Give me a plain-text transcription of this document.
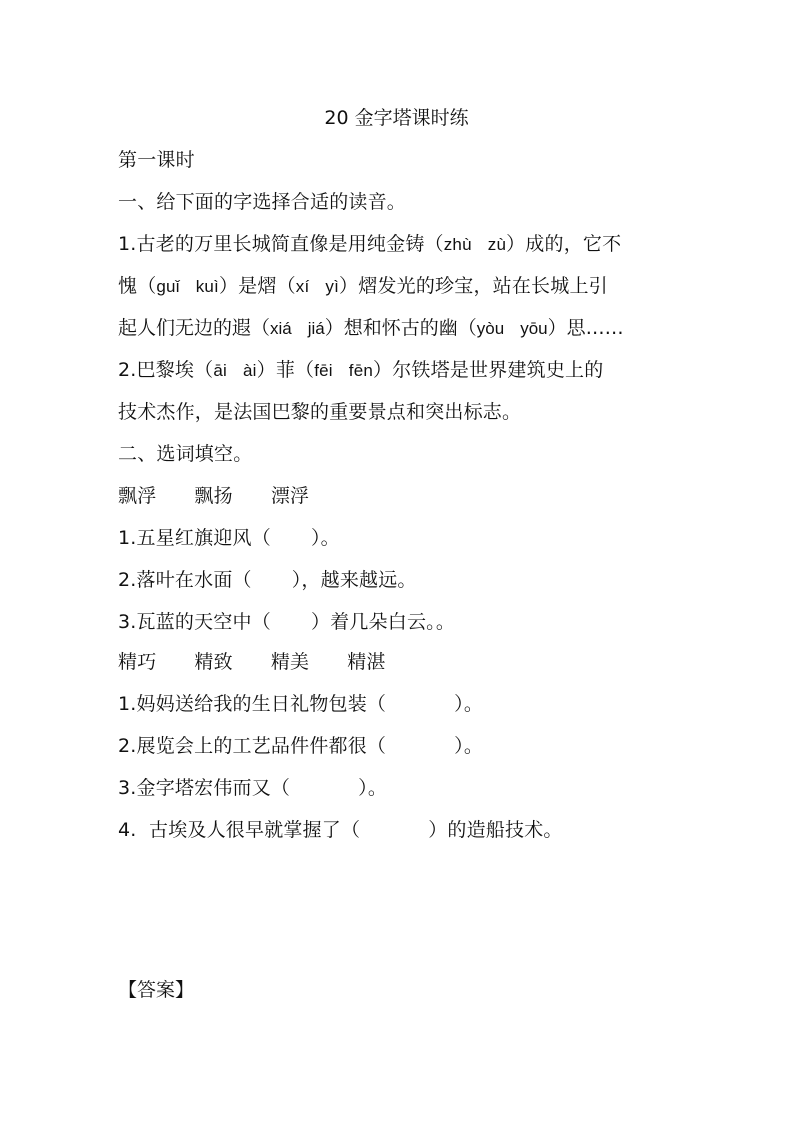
20 金字塔课时练
第一课时
一、给下面的字选择合适的读音。
1.古老的万里长城简直像是用纯金铸（zhù zù）成的，它不
愧（guǐ kuì）是熠（xí yì）熠发光的珍宝，站在长城上引
起人们无边的遐（xiá jiá）想和怀古的幽（yòu yōu）思……
2.巴黎埃（āi ài）菲（fēi fēn）尔铁塔是世界建筑史上的
技术杰作，是法国巴黎的重要景点和突出标志。
二、选词填空。
飘浮 飘扬 漂浮
1.五星红旗迎风（ ）。
2.落叶在水面（ ），越来越远。
3.瓦蓝的天空中（ ）着几朵白云。。
精巧 精致 精美 精湛
1.妈妈送给我的生日礼物包装（	）。
2.展览会上的工艺品件件都很（	）。
3.金字塔宏伟而又（	）。
4.  古埃及人很早就掌握了（	）的造船技术。
【答案】
